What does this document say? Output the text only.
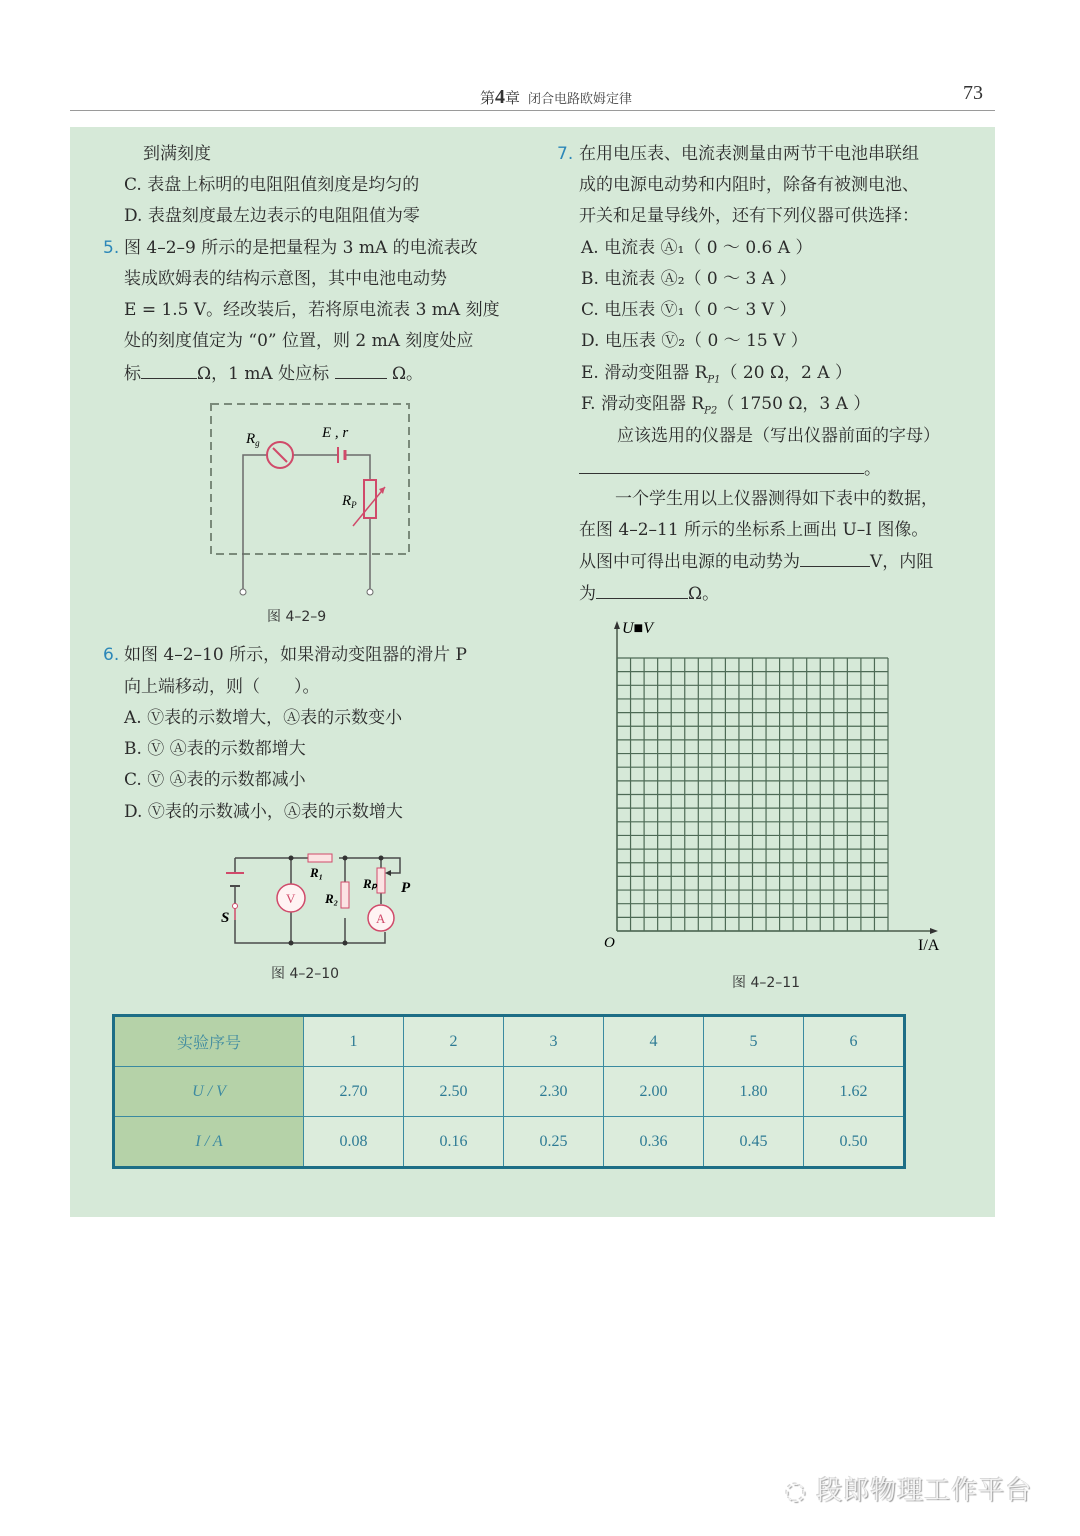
第4章 闭合电路欧姆定律	73
到满刻度
C. 表盘上标明的电阻阻值刻度是均匀的
D. 表盘刻度最左边表示的电阻阻值为零
5. 图 4–2–9 所示的是把量程为 3 mA 的电流表改
装成欧姆表的结构示意图，其中电池电动势
E = 1.5 V。经改装后，若将原电流表 3 mA 刻度
处的刻度值定为 “0” 位置，则 2 mA 刻度处应
标	Ω，1 mA 处应标	Ω。
$R_g$
E , r
$R_P$
图 4–2–9
6. 如图 4–2–10 所示，如果滑动变阻器的滑片 P
向上端移动，则（　　）。
A. Ⓥ表的示数增大，Ⓐ表的示数变小
B. Ⓥ Ⓐ表的示数都增大
C. Ⓥ Ⓐ表的示数都减小
D. Ⓥ表的示数减小，Ⓐ表的示数增大
V
A
R₁
R₂
Rₚ P
S
图 4–2–10
7. 在用电压表、电流表测量由两节干电池串联组
成的电源电动势和内阻时，除备有被测电池、
开关和足量导线外，还有下列仪器可供选择：
A. 电流表 Ⓐ₁（ 0 ～ 0.6 A ）
B. 电流表 Ⓐ₂（ 0 ～ 3 A ）
C. 电压表 Ⓥ₁（ 0 ～ 3 V ）
D. 电压表 Ⓥ₂（ 0 ～ 15 V ）
E. 滑动变阻器 $R_{P1}$（ 20 Ω，2 A ）
F. 滑动变阻器 $R_{P2}$（ 1750 Ω，3 A ）
应该选用的仪器是（写出仪器前面的字母）
。
一个学生用以上仪器测得如下表中的数据，
在图 4–2–11 所示的坐标系上画出 U–I 图像。
从图中可得出电源的电动势为	V，内阻
为	Ω。
U■V
O	I/A
图 4–2–11
实验序号	1	2	3	4	5	6
U / V	2.70	2.50	2.30	2.00	1.80	1.62
I / A	0.08	0.16	0.25	0.36	0.45	0.50
◌ 段郎物理工作平台
